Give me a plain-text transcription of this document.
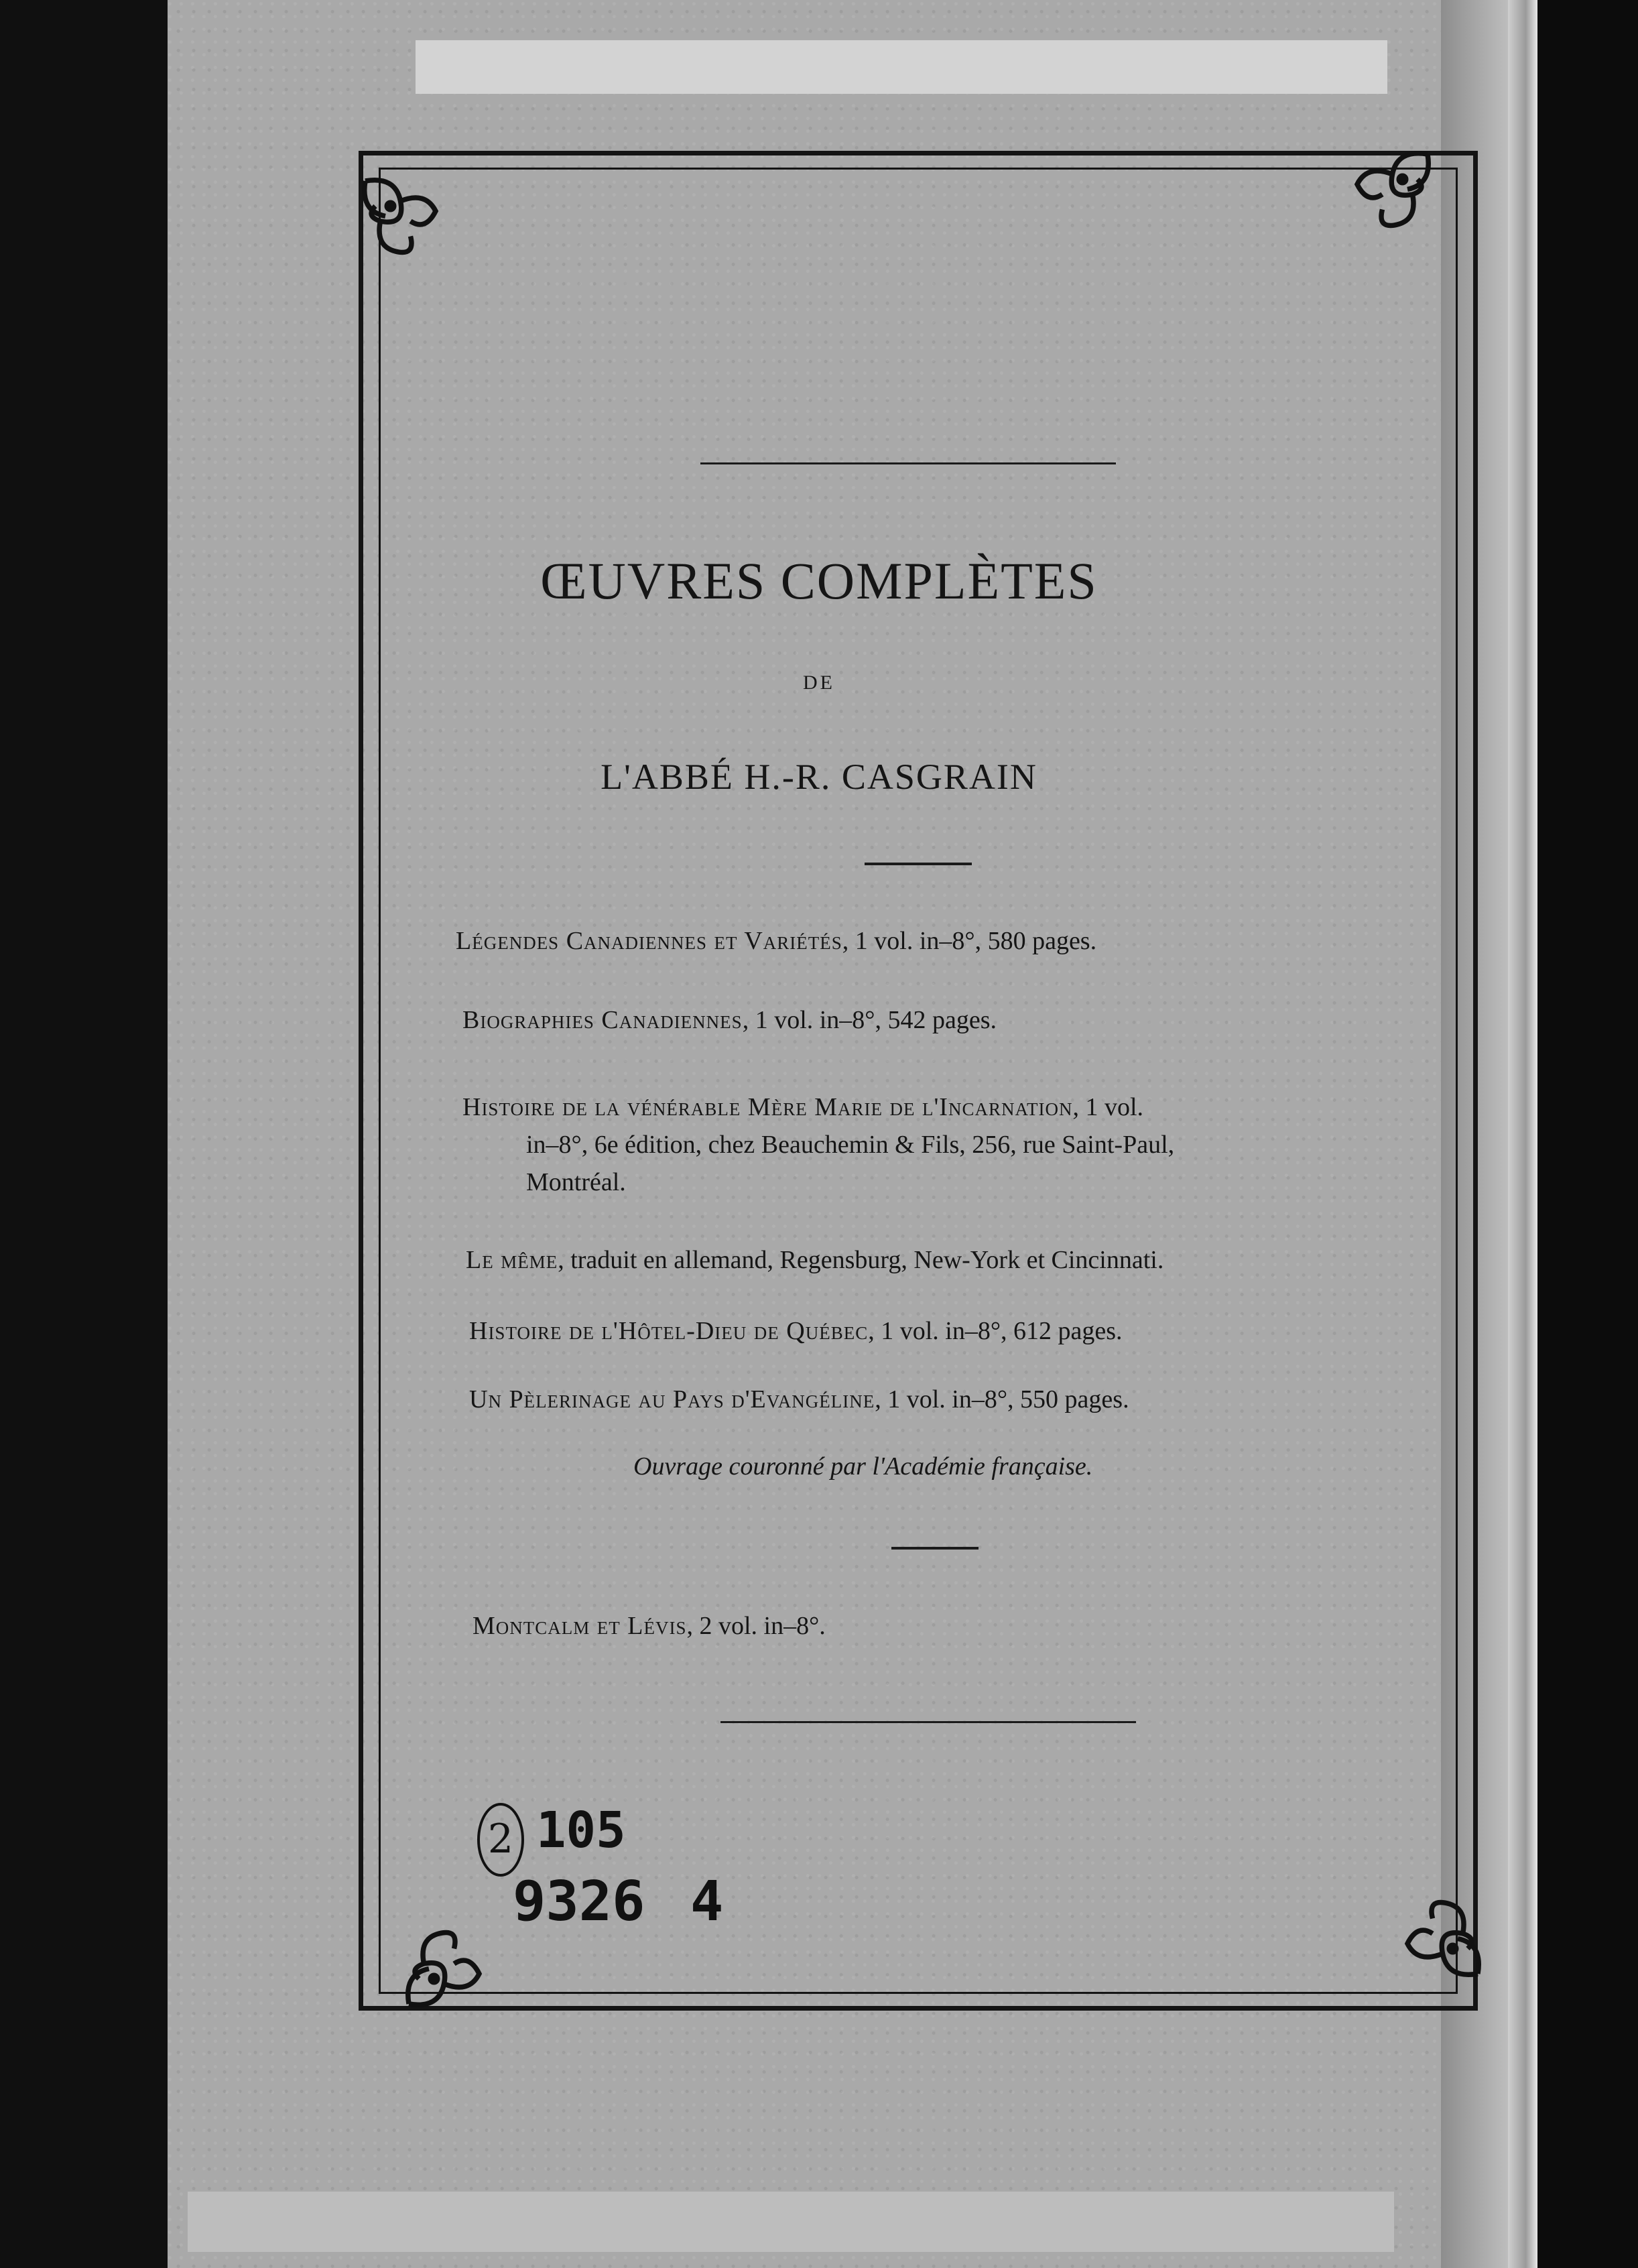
ŒUVRES COMPLÈTES
DE
L'ABBÉ H.-R. CASGRAIN
Légendes Canadiennes et Variétés, 1 vol. in–8°, 580 pages.
Biographies Canadiennes, 1 vol. in–8°, 542 pages.
Histoire de la vénérable Mère Marie de l'Incarnation, 1 vol.
in–8°, 6e édition, chez Beauchemin & Fils, 256, rue Saint-Paul,
Montréal.
Le même, traduit en allemand, Regensburg, New-York et Cincinnati.
Histoire de l'Hôtel-Dieu de Québec, 1 vol. in–8°, 612 pages.
Un Pèlerinage au Pays d'Evangéline, 1 vol. in–8°, 550 pages.
Ouvrage couronné par l'Académie française.
Montcalm et Lévis, 2 vol. in–8°.
2 105
9326 4
